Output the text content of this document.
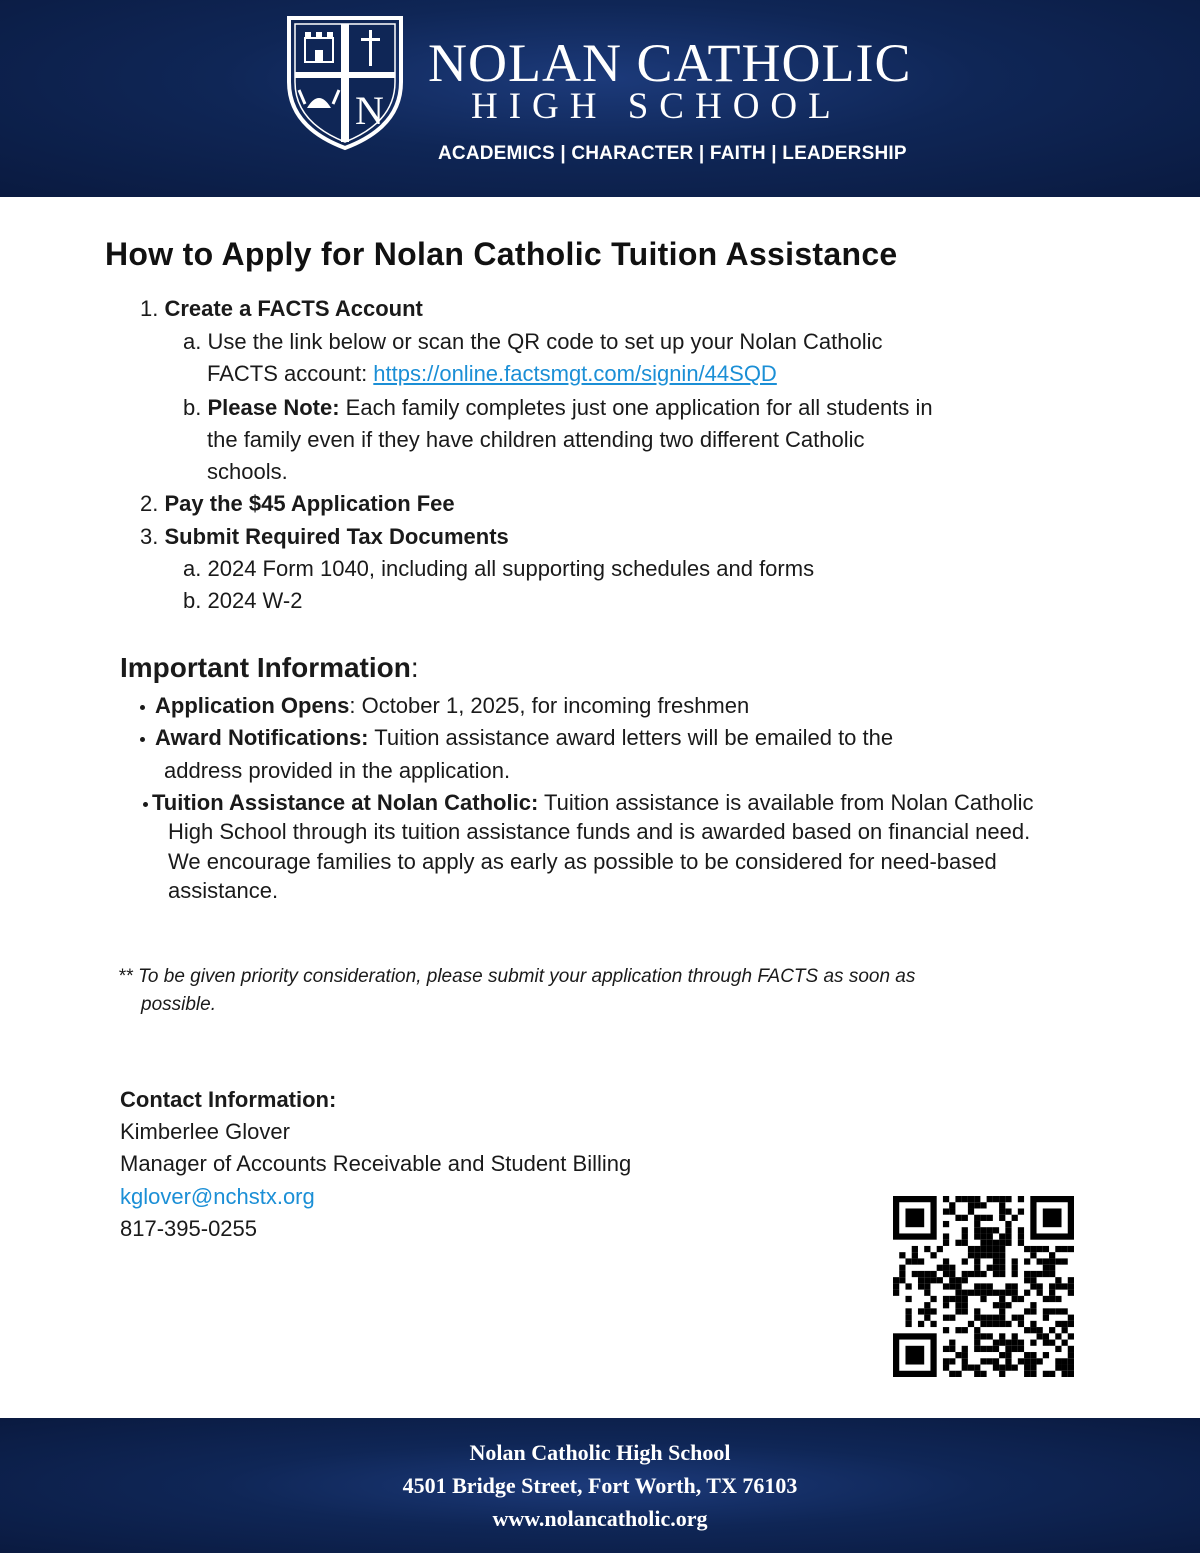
N
NOLAN CATHOLIC
HIGH SCHOOL
ACADEMICS | CHARACTER | FAITH | LEADERSHIP
How to Apply for Nolan Catholic Tuition Assistance
1. Create a FACTS Account
a. Use the link below or scan the QR code to set up your Nolan Catholic
FACTS account: https://online.factsmgt.com/signin/44SQD
b. Please Note: Each family completes just one application for all students in
the family even if they have children attending two different Catholic
schools.
2. Pay the $45 Application Fee
3. Submit Required Tax Documents
a. 2024 Form 1040, including all supporting schedules and forms
b. 2024 W-2
Important Information:
Application Opens: October 1, 2025, for incoming freshmen
Award Notifications: Tuition assistance award letters will be emailed to the
address provided in the application.
Tuition Assistance at Nolan Catholic: Tuition assistance is available from Nolan Catholic
High School through its tuition assistance funds and is awarded based on financial need.
We encourage families to apply as early as possible to be considered for need-based
assistance.
** To be given priority consideration, please submit your application through FACTS as soon as
possible.
Contact Information:
Kimberlee Glover
Manager of Accounts Receivable and Student Billing
kglover@nchstx.org
817-395-0255
Nolan Catholic High School
4501 Bridge Street, Fort Worth, TX 76103
www.nolancatholic.org
